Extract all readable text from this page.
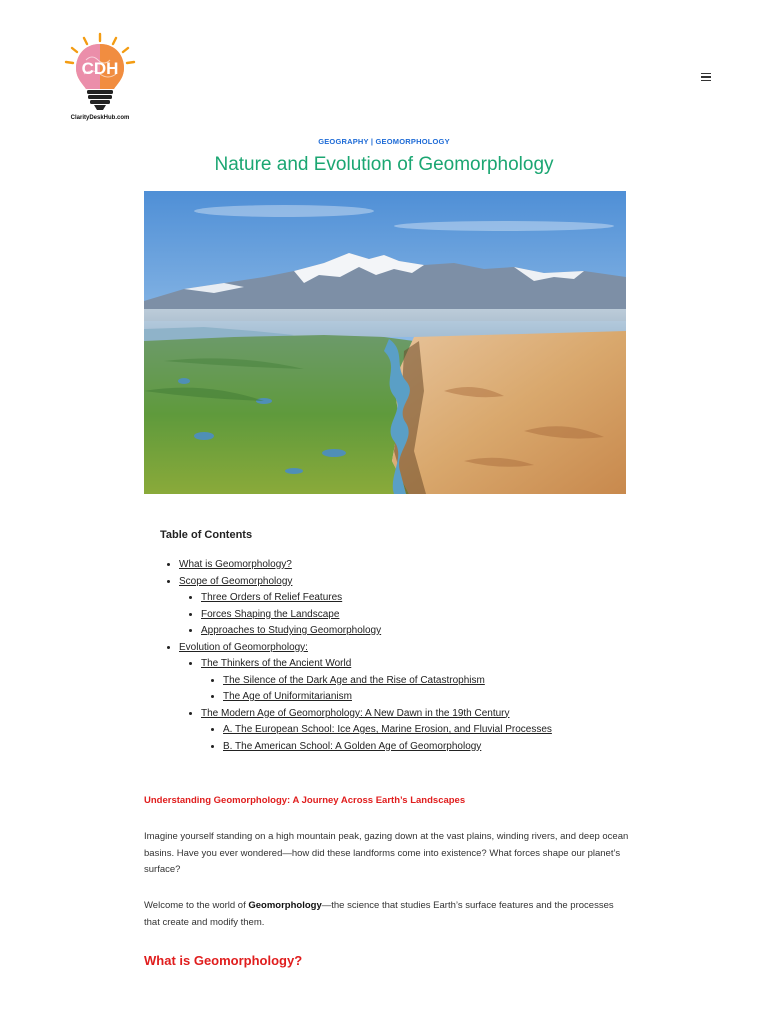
CDH
ClarityDeskHub.com
GEOGRAPHY | GEOMORPHOLOGY
Nature and Evolution of Geomorphology
Table of Contents
• What is Geomorphology?
• Scope of Geomorphology
• Three Orders of Relief Features
• Forces Shaping the Landscape
• Approaches to Studying Geomorphology
• Evolution of Geomorphology:
• The Thinkers of the Ancient World
• The Silence of the Dark Age and the Rise of Catastrophism
• The Age of Uniformitarianism
• The Modern Age of Geomorphology: A New Dawn in the 19th Century
• A. The European School: Ice Ages, Marine Erosion, and Fluvial Processes
• B. The American School: A Golden Age of Geomorphology
Understanding Geomorphology: A Journey Across Earth’s Landscapes

Imagine yourself standing on a high mountain peak, gazing down at the vast plains, winding rivers, and deep ocean basins. Have you ever wondered—how did these landforms come into existence? What forces shape our planet’s surface?

Welcome to the world of Geomorphology—the science that studies Earth’s surface features and the processes that create and modify them.

What is Geomorphology?
